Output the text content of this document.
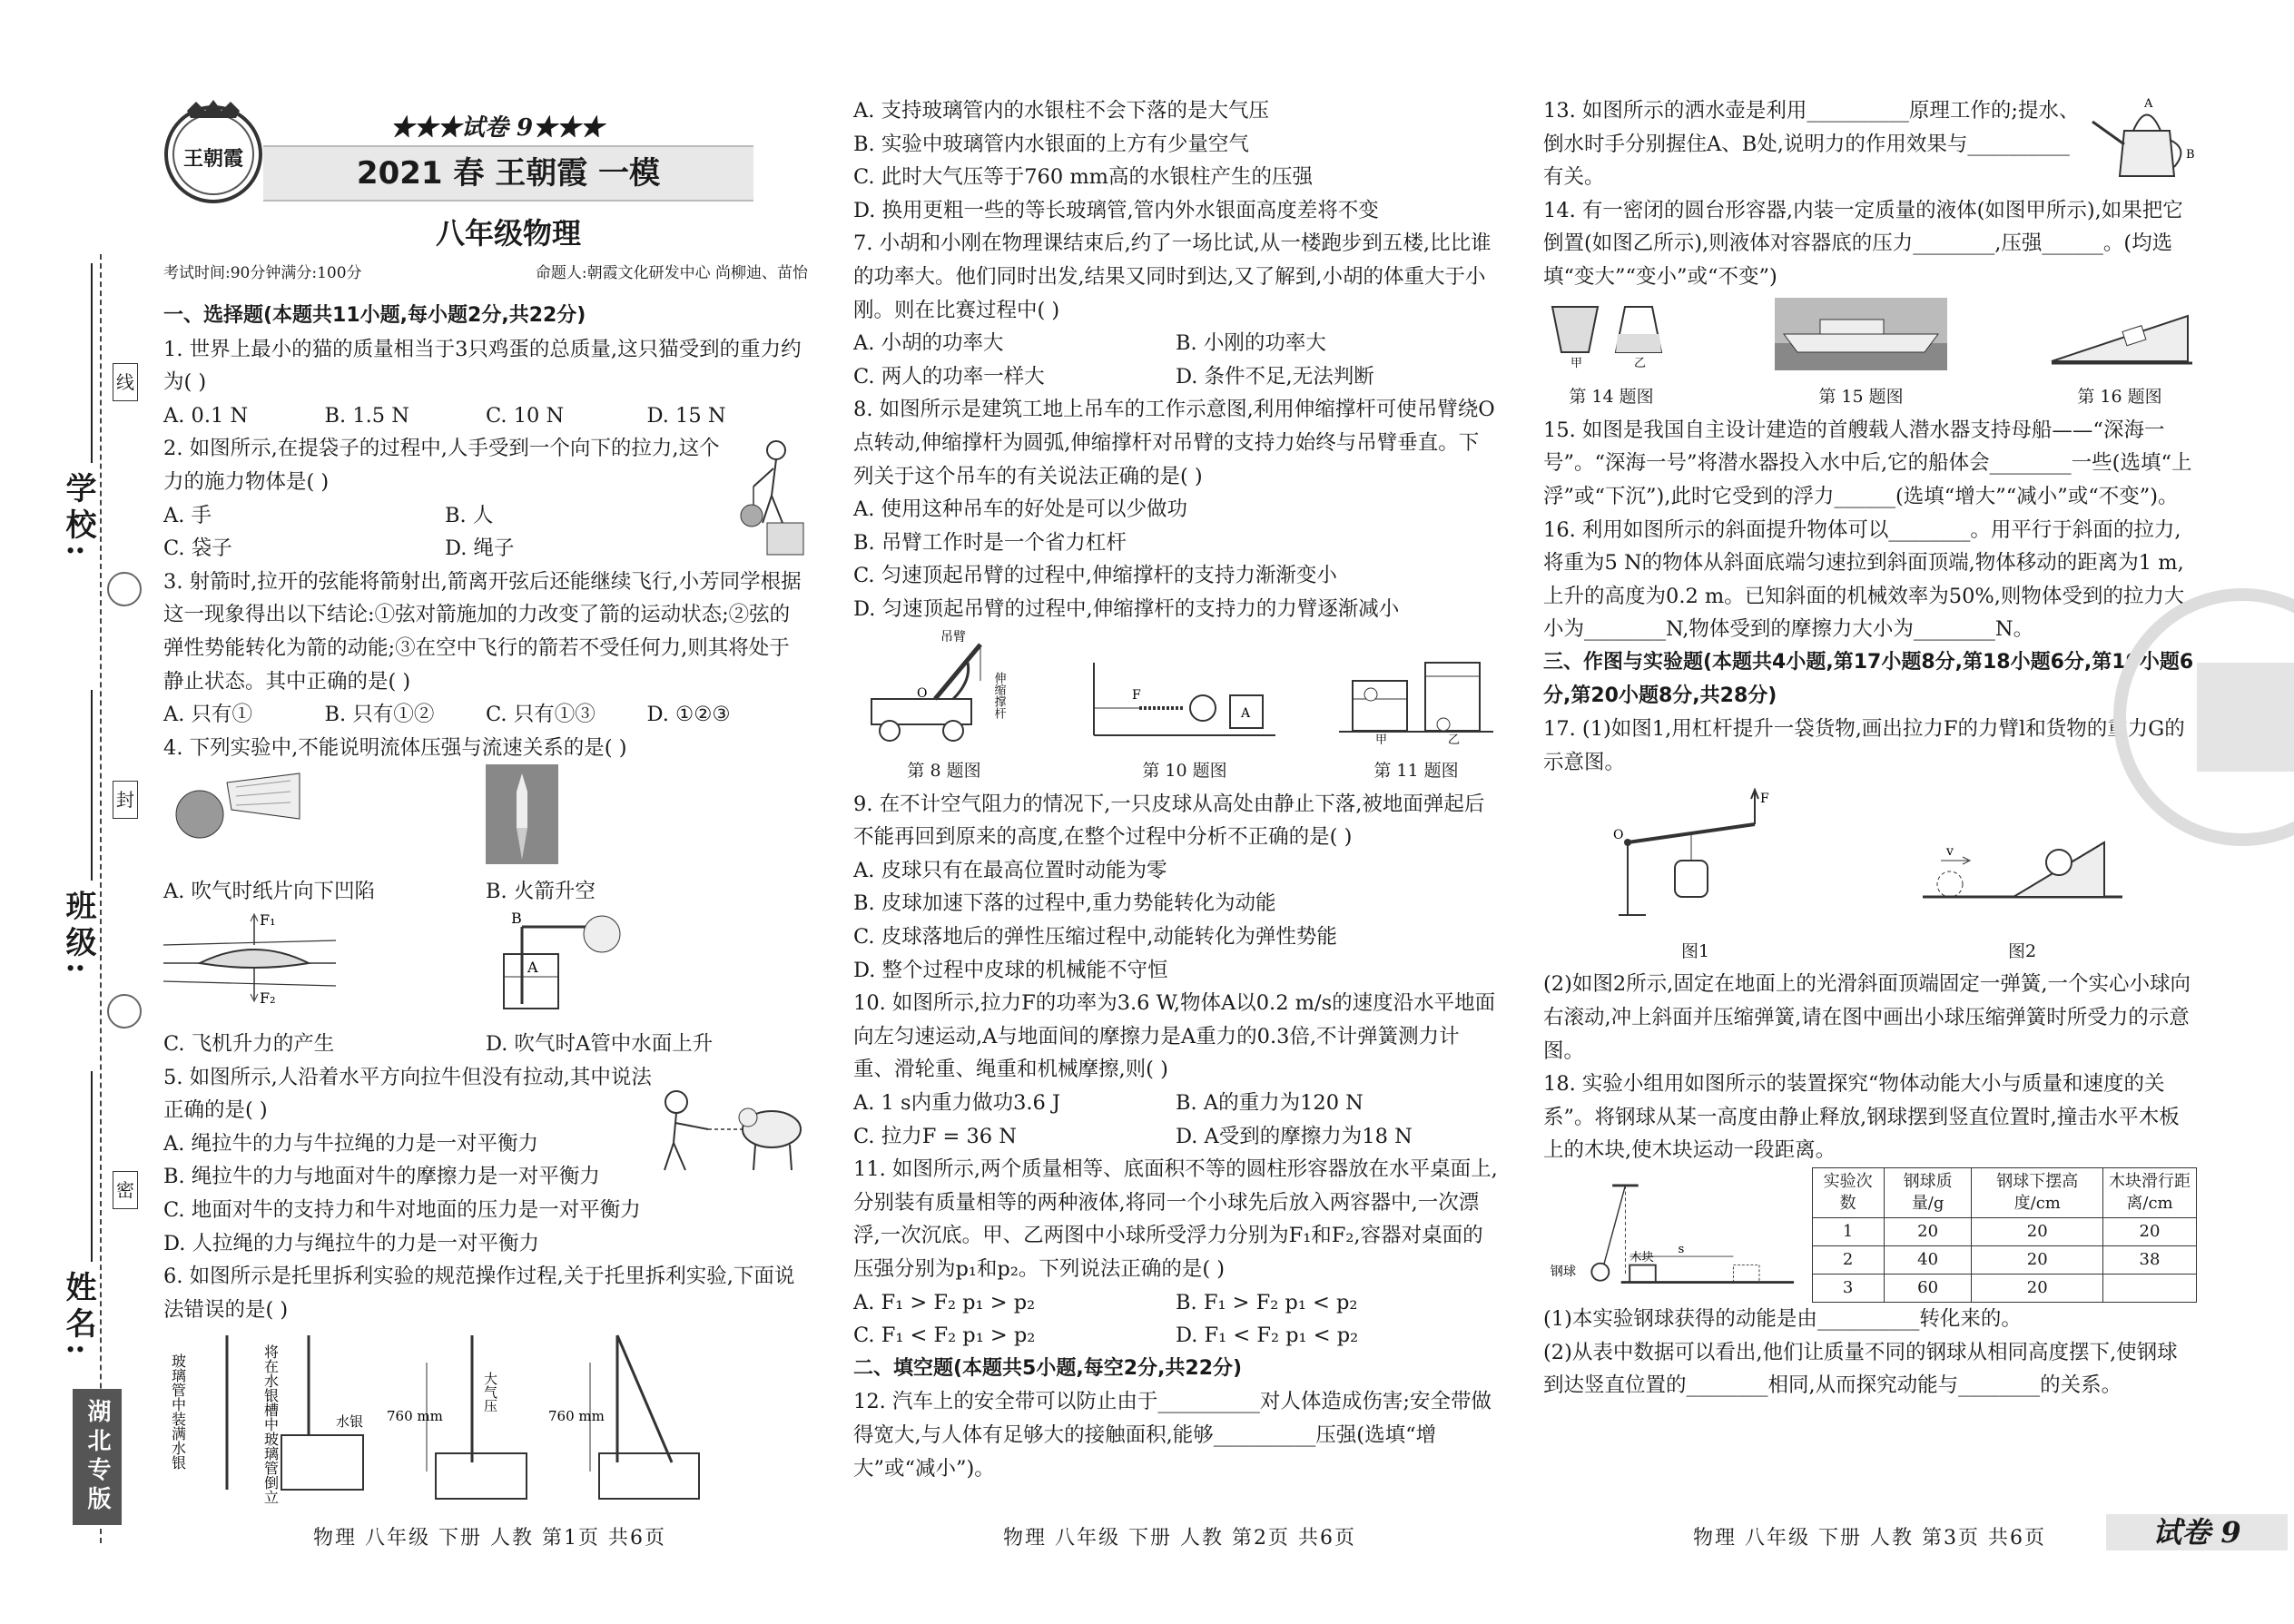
学校:
班级:
姓名:
线
封
密
湖北专版
王朝霞
★★★试卷 9★★★
2021 春 王朝霞 一模
八年级物理
考试时间:90分钟 满分:100分	命题人:朝霞文化研发中心 尚柳迪、苗怡

一、选择题(本题共11小题,每小题2分,共22分)

1. 世界上最小的猫的质量相当于3只鸡蛋的总质量,这只猫受到的重力约为( )

A. 0.1 N	B. 1.5 N	C. 10 N	D. 15 N

2. 如图所示,在提袋子的过程中,人手受到一个向下的拉力,这个力的施力物体是( )

A. 手	B. 人
C. 袋子	D. 绳子

3. 射箭时,拉开的弦能将箭射出,箭离开弦后还能继续飞行,小芳同学根据这一现象得出以下结论:①弦对箭施加的力改变了箭的运动状态;②弦的弹性势能转化为箭的动能;③在空中飞行的箭若不受任何力,则其将处于静止状态。其中正确的是( )

A. 只有①	B. 只有①②	C. 只有①③	D. ①②③

4. 下列实验中,不能说明流体压强与流速关系的是( )

A. 吹气时纸片向下凹陷	B. 火箭升空
F₁
F₂
C. 飞机升力的产生
B
A
D. 吹气时A管中水面上升

5. 如图所示,人沿着水平方向拉牛但没有拉动,其中说法正确的是( )

A. 绳拉牛的力与牛拉绳的力是一对平衡力

B. 绳拉牛的力与地面对牛的摩擦力是一对平衡力

C. 地面对牛的支持力和牛对地面的压力是一对平衡力

D. 人拉绳的力与绳拉牛的力是一对平衡力

6. 如图所示是托里拆利实验的规范操作过程,关于托里拆利实验,下面说法错误的是( )

玻璃管中装满水银	将在水银槽中玻璃管倒立	水银 760 mm
大气压
760 mm
物理 八年级 下册 人教 第1页 共6页

A. 支持玻璃管内的水银柱不会下落的是大气压

B. 实验中玻璃管内水银面的上方有少量空气

C. 此时大气压等于760 mm高的水银柱产生的压强

D. 换用更粗一些的等长玻璃管,管内外水银面高度差将不变

7. 小胡和小刚在物理课结束后,约了一场比试,从一楼跑步到五楼,比比谁的功率大。他们同时出发,结果又同时到达,又了解到,小胡的体重大于小刚。则在比赛过程中( )

A. 小胡的功率大	B. 小刚的功率大
C. 两人的功率一样大	D. 条件不足,无法判断

8. 如图所示是建筑工地上吊车的工作示意图,利用伸缩撑杆可使吊臂绕O点转动,伸缩撑杆为圆弧,伸缩撑杆对吊臂的支持力始终与吊臂垂直。下列关于这个吊车的有关说法正确的是( )

A. 使用这种吊车的好处是可以少做功

B. 吊臂工作时是一个省力杠杆

C. 匀速顶起吊臂的过程中,伸缩撑杆的支持力渐渐变小

D. 匀速顶起吊臂的过程中,伸缩撑杆的支持力的力臂逐渐减小

O
吊臂
伸缩撑杆
第 8 题图
F
A
第 10 题图
甲	乙
第 11 题图

9. 在不计空气阻力的情况下,一只皮球从高处由静止下落,被地面弹起后不能再回到原来的高度,在整个过程中分析不正确的是( )

A. 皮球只有在最高位置时动能为零

B. 皮球加速下落的过程中,重力势能转化为动能

C. 皮球落地后的弹性压缩过程中,动能转化为弹性势能

D. 整个过程中皮球的机械能不守恒

10. 如图所示,拉力F的功率为3.6 W,物体A以0.2 m/s的速度沿水平地面向左匀速运动,A与地面间的摩擦力是A重力的0.3倍,不计弹簧测力计重、滑轮重、绳重和机械摩擦,则( )

A. 1 s内重力做功3.6 J	B. A的重力为120 N
C. 拉力F = 36 N	D. A受到的摩擦力为18 N

11. 如图所示,两个质量相等、底面积不等的圆柱形容器放在水平桌面上,分别装有质量相等的两种液体,将同一个小球先后放入两容器中,一次漂浮,一次沉底。甲、乙两图中小球所受浮力分别为F₁和F₂,容器对桌面的压强分别为p₁和p₂。下列说法正确的是( )

A. F₁ > F₂ p₁ > p₂	B. F₁ > F₂ p₁ < p₂
C. F₁ < F₂ p₁ > p₂	D. F₁ < F₂ p₁ < p₂

二、填空题(本题共5小题,每空2分,共22分)

12. 汽车上的安全带可以防止由于__________对人体造成伤害;安全带做得宽大,与人体有足够大的接触面积,能够__________压强(选填“增大”或“减小”)。

物理 八年级 下册 人教 第2页 共6页

13. 如图所示的洒水壶是利用__________原理工作的;提水、倒水时手分别握住A、B处,说明力的作用效果与__________有关。

A
B

14. 有一密闭的圆台形容器,内装一定质量的液体(如图甲所示),如果把它倒置(如图乙所示),则液体对容器底的压力________,压强______。(均选填“变大”“变小”或“不变”)

甲	乙
第 14 题图	第 15 题图	第 16 题图

15. 如图是我国自主设计建造的首艘载人潜水器支持母船——“深海一号”。“深海一号”将潜水器投入水中后,它的船体会________一些(选填“上浮”或“下沉”),此时它受到的浮力______(选填“增大”“减小”或“不变”)。

16. 利用如图所示的斜面提升物体可以________。用平行于斜面的拉力,将重为5 N的物体从斜面底端匀速拉到斜面顶端,物体移动的距离为1 m,上升的高度为0.2 m。已知斜面的机械效率为50%,则物体受到的拉力大小为________N,物体受到的摩擦力大小为________N。

三、作图与实验题(本题共4小题,第17小题8分,第18小题6分,第19小题6分,第20小题8分,共28分)

17. (1)如图1,用杠杆提升一袋货物,画出拉力F的力臂l和货物的重力G的示意图。

O
F
图1
v
图2

(2)如图2所示,固定在地面上的光滑斜面顶端固定一弹簧,一个实心小球向右滚动,冲上斜面并压缩弹簧,请在图中画出小球压缩弹簧时所受力的示意图。

18. 实验小组用如图所示的装置探究“物体动能大小与质量和速度的关系”。将钢球从某一高度由静止释放,钢球摆到竖直位置时,撞击水平木板上的木块,使木块运动一段距离。

钢球
木块
s
实验次数	钢球质量/g	钢球下摆高度/cm	木块滑行距离/cm
1	20	20	20
2	40	20	38
3	60	20	

(1)本实验钢球获得的动能是由__________转化来的。

(2)从表中数据可以看出,他们让质量不同的钢球从相同高度摆下,使钢球到达竖直位置的________相同,从而探究动能与________的关系。

物理 八年级 下册 人教 第3页 共6页	试卷 9
